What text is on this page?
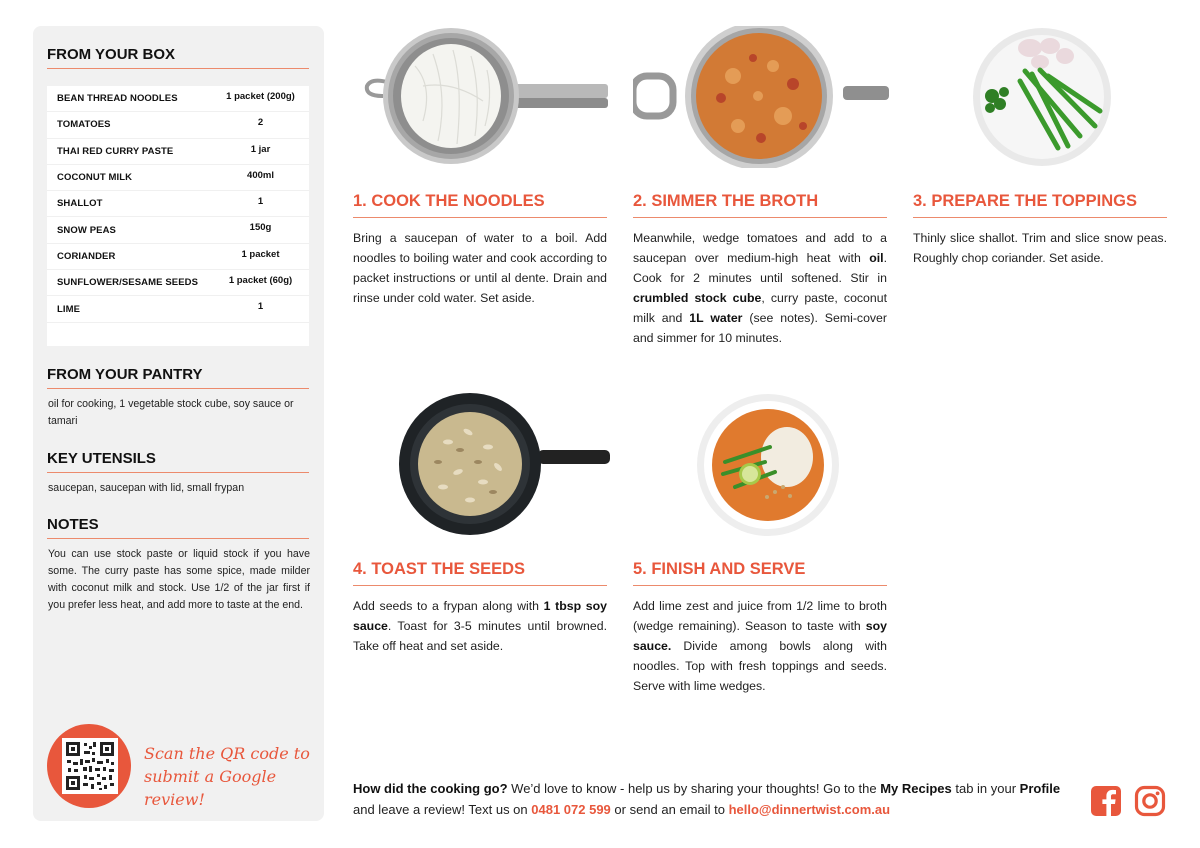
FROM YOUR BOX
BEAN THREAD NOODLES	1 packet (200g)
TOMATOES	2
THAI RED CURRY PASTE	1 jar
COCONUT MILK	400ml
SHALLOT	1
SNOW PEAS	150g
CORIANDER	1 packet
SUNFLOWER/SESAME SEEDS	1 packet (60g)
LIME	1
FROM YOUR PANTRY
oil for cooking, 1 vegetable stock cube, soy sauce or tamari
KEY UTENSILS
saucepan, saucepan with lid, small frypan
NOTES
You can use stock paste or liquid stock if you have some. The curry paste has some spice, made milder with coconut milk and stock. Use 1/2 of the jar first if you prefer less heat, and add more to taste at the end.
Scan the QR code to
submit a Google review!
1. COOK THE NOODLES
Bring a saucepan of water to a boil. Add noodles to boiling water and cook according to packet instructions or until al dente. Drain and rinse under cold water. Set aside.
2. SIMMER THE BROTH
Meanwhile, wedge tomatoes and add to a saucepan over medium-high heat with oil. Cook for 2 minutes until softened. Stir in crumbled stock cube, curry paste, coconut milk and 1L water (see notes). Semi-cover and simmer for 10 minutes.
3. PREPARE THE TOPPINGS
Thinly slice shallot. Trim and slice snow peas. Roughly chop coriander. Set aside.
4. TOAST THE SEEDS
Add seeds to a frypan along with 1 tbsp soy sauce. Toast for 3-5 minutes until browned. Take off heat and set aside.
5. FINISH AND SERVE
Add lime zest and juice from 1/2 lime to broth (wedge remaining). Season to taste with soy sauce. Divide among bowls along with noodles. Top with fresh toppings and seeds. Serve with lime wedges.
How did the cooking go? We’d love to know - help us by sharing your thoughts! Go to the My Recipes tab in your Profile and leave a review! Text us on 0481 072 599 or send an email to hello@dinnertwist.com.au
